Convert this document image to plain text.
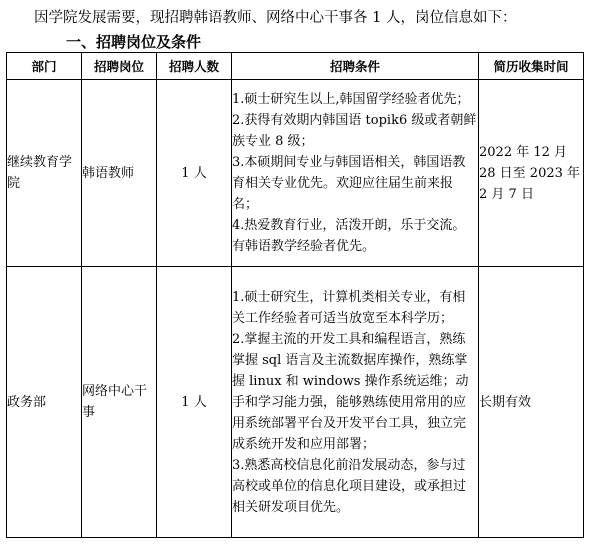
因学院发展需要，现招聘韩语教师、网络中心干事各 1 人，岗位信息如下：
一、招聘岗位及条件
部门	招聘岗位	招聘人数	招聘条件	简历收集时间
继续教育学院	韩语教师	1 人	1.硕士研究生以上,韩国留学经验者优先；
2.获得有效期内韩国语 topik6 级或者朝鲜族专业 8 级；
3.本硕期间专业与韩国语相关，韩国语教育相关专业优先。欢迎应往届生前来报名；
4.热爱教育行业，活泼开朗，乐于交流。有韩语教学经验者优先。	2022 年 12 月 28 日至 2023 年 2 月 7 日
政务部	网络中心干事	1 人	1.硕士研究生，计算机类相关专业，有相关工作经验者可适当放宽至本科学历；
2.掌握主流的开发工具和编程语言，熟练掌握 sql 语言及主流数据库操作，熟练掌握 linux 和 windows 操作系统运维；动手和学习能力强，能够熟练使用常用的应用系统部署平台及开发平台工具，独立完成系统开发和应用部署；
3.熟悉高校信息化前沿发展动态，参与过高校或单位的信息化项目建设，或承担过相关研发项目优先。	长期有效
